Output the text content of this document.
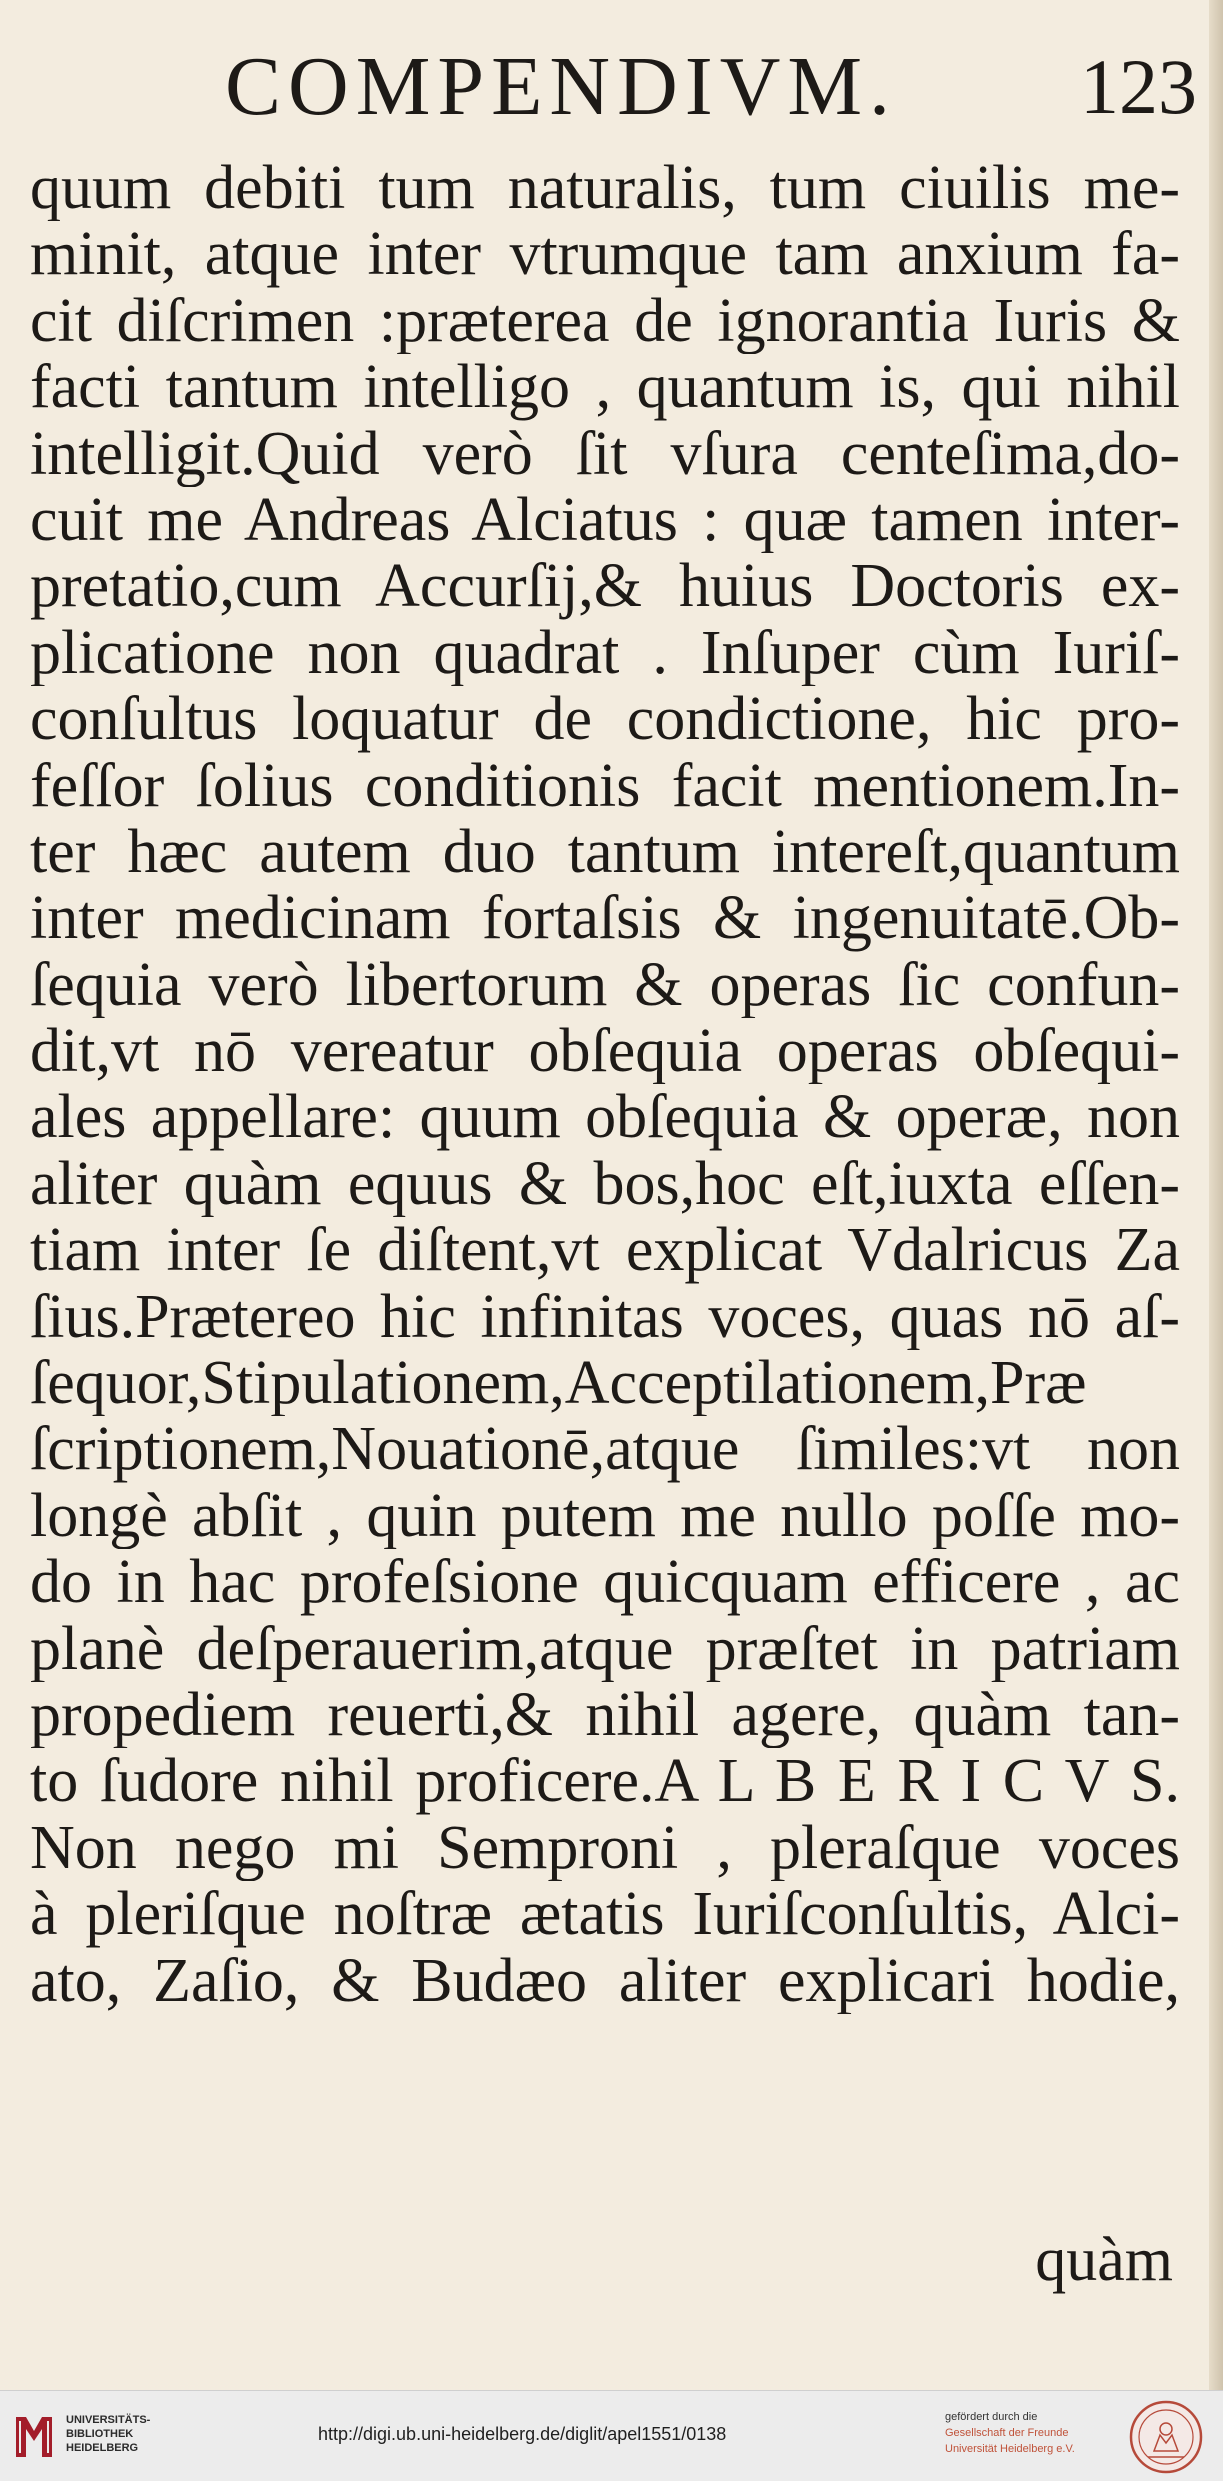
COMPENDIVM. 123
quum debiti tum naturalis, tum ciuilis me-
minit, atque inter vtrumque tam anxium fa-
cit diſcrimen :præterea de ignorantia Iuris &
facti tantum intelligo , quantum is, qui nihil
intelligit.Quid verò ſit vſura centeſima,do-
cuit me Andreas Alciatus : quæ tamen inter-
pretatio,cum Accurſij,& huius Doctoris ex-
plicatione non quadrat . Inſuper cùm Iuriſ-
conſultus loquatur de condictione, hic pro-
feſſor ſolius conditionis facit mentionem.In-
ter hæc autem duo tantum intereſt,quantum
inter medicinam fortaſsis & ingenuitatē.Ob-
ſequia verò libertorum & operas ſic confun-
dit,vt nō vereatur obſequia operas obſequi-
ales appellare: quum obſequia & operæ, non
aliter quàm equus & bos,hoc eſt,iuxta eſſen-
tiam inter ſe diſtent,vt explicat Vdalricus Za
ſius.Prætereo hic infinitas voces, quas nō aſ-
ſequor,Stipulationem,Acceptilationem,Præ
ſcriptionem,Nouationē,atque ſimiles:vt non
longè abſit , quin putem me nullo poſſe mo-
do in hac profeſsione quicquam efficere , ac
planè deſperauerim,atque præſtet in patriam
propediem reuerti,& nihil agere, quàm tan-
to ſudore nihil proficere.A L B E R I C V S.
Non nego mi Semproni , pleraſque voces
à pleriſque noſtræ ætatis Iuriſconſultis, Alci-
ato, Zaſio, & Budæo aliter explicari hodie,
quàm
UNIVERSITÄTS-
BIBLIOTHEK
HEIDELBERG
http://digi.ub.uni-heidelberg.de/diglit/apel1551/0138
gefördert durch die
Gesellschaft der Freunde
Universität Heidelberg e.V.
